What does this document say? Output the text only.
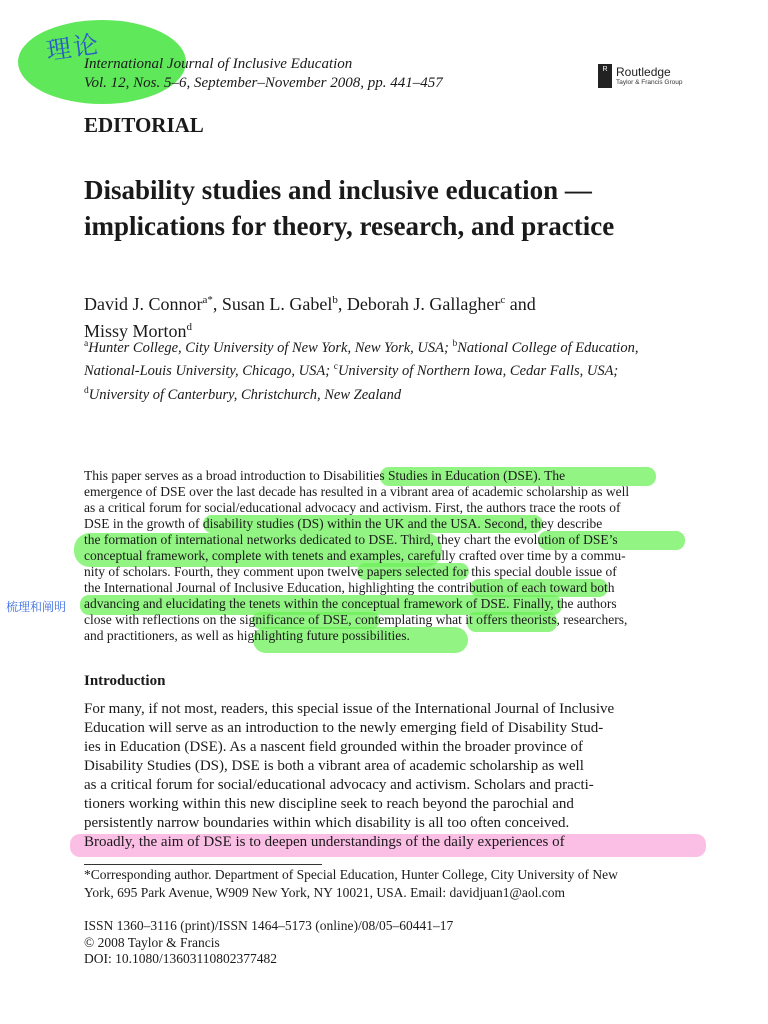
理论
International Journal of Inclusive Education
Vol. 12, Nos. 5–6, September–November 2008, pp. 441–457
R Routledge
Taylor & Francis Group
EDITORIAL
Disability studies and inclusive education — implications for theory, research, and practice
David J. Connor$^{a*}$, Susan L. Gabel$^b$, Deborah J. Gallagher$^c$ and
Missy Morton$^d$
$^a$Hunter College, City University of New York, New York, USA; $^b$National College of Education, National-Louis University, Chicago, USA; $^c$University of Northern Iowa, Cedar Falls, USA; $^d$University of Canterbury, Christchurch, New Zealand
This paper serves as a broad introduction to Disabilities Studies in Education (DSE). The
emergence of DSE over the last decade has resulted in a vibrant area of academic scholarship as well
as a critical forum for social/educational advocacy and activism. First, the authors trace the roots of
DSE in the growth of disability studies (DS) within the UK and the USA. Second, they describe
the formation of international networks dedicated to DSE. Third, they chart the evolution of DSE’s
conceptual framework, complete with tenets and examples, carefully crafted over time by a commu-
nity of scholars. Fourth, they comment upon twelve papers selected for this special double issue of
the International Journal of Inclusive Education, highlighting the contribution of each toward both
advancing and elucidating the tenets within the conceptual framework of DSE. Finally, the authors
close with reflections on the significance of DSE, contemplating what it offers theorists, researchers,
and practitioners, as well as highlighting future possibilities.
梳理和阐明
Introduction
For many, if not most, readers, this special issue of the International Journal of Inclusive
Education will serve as an introduction to the newly emerging field of Disability Stud-
ies in Education (DSE). As a nascent field grounded within the broader province of
Disability Studies (DS), DSE is both a vibrant area of academic scholarship as well
as a critical forum for social/educational advocacy and activism. Scholars and practi-
tioners working within this new discipline seek to reach beyond the parochial and
persistently narrow boundaries within which disability is all too often conceived.
Broadly, the aim of DSE is to deepen understandings of the daily experiences of
*Corresponding author. Department of Special Education, Hunter College, City University of New
York, 695 Park Avenue, W909 New York, NY 10021, USA. Email: davidjuan1@aol.com
ISSN 1360–3116 (print)/ISSN 1464–5173 (online)/08/05–60441–17
© 2008 Taylor & Francis
DOI: 10.1080/13603110802377482
